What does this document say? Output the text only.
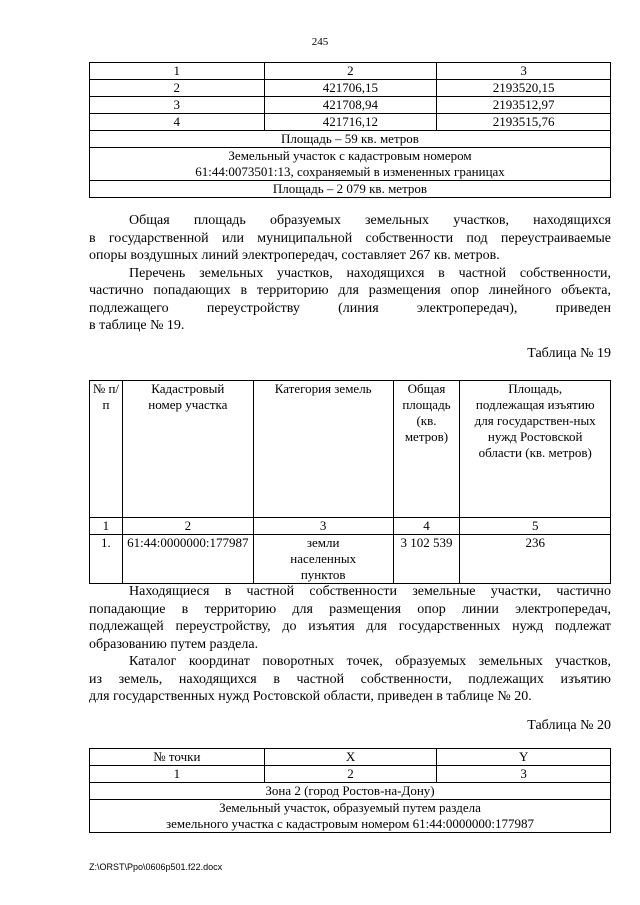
245
1	2	3
2	421706,15	2193520,15
3	421708,94	2193512,97
4	421716,12	2193515,76
Площадь – 59 кв. метров		

Земельный участок с кадастровым номером
61:44:0073501:13, сохраняемый в измененных границах		

Площадь – 2 079 кв. метров		
Общая площадь образуемых земельных участков, находящихся
в государственной или муниципальной собственности под переустраиваемые
опоры воздушных линий электропередач, составляет 267 кв. метров.
Перечень земельных участков, находящихся в частной собственности,
частично попадающих в территорию для размещения опор линейного объекта,
подлежащего	переустройству	(линия	электропередач),	приведен
в таблице № 19.
Таблица № 19
№ п/п	Кадастровый номер участка	Категория земель	Общая площадь (кв. метров)	Площадь, подлежащая изъятию для государствен-ных нужд Ростовской области (кв. метров)
1	2	3	4	5
1.	61:44:0000000:177987	земли населенных пунктов	3 102 539	236
Находящиеся в частной собственности земельные участки, частично
попадающие в территорию для размещения опор линии электропередач,
подлежащей переустройству, до изъятия для государственных нужд подлежат
образованию путем раздела.
Каталог координат поворотных точек, образуемых земельных участков,
из земель, находящихся в частной собственности, подлежащих изъятию
для государственных нужд Ростовской области, приведен в таблице № 20.
Таблица № 20
№ точки	X	Y
1	2	3
Зона 2 (город Ростов-на-Дону)		

Земельный участок, образуемый путем раздела
земельного участка с кадастровым номером 61:44:0000000:177987		
Z:\ORST\Ppo\0606p501.f22.docx
